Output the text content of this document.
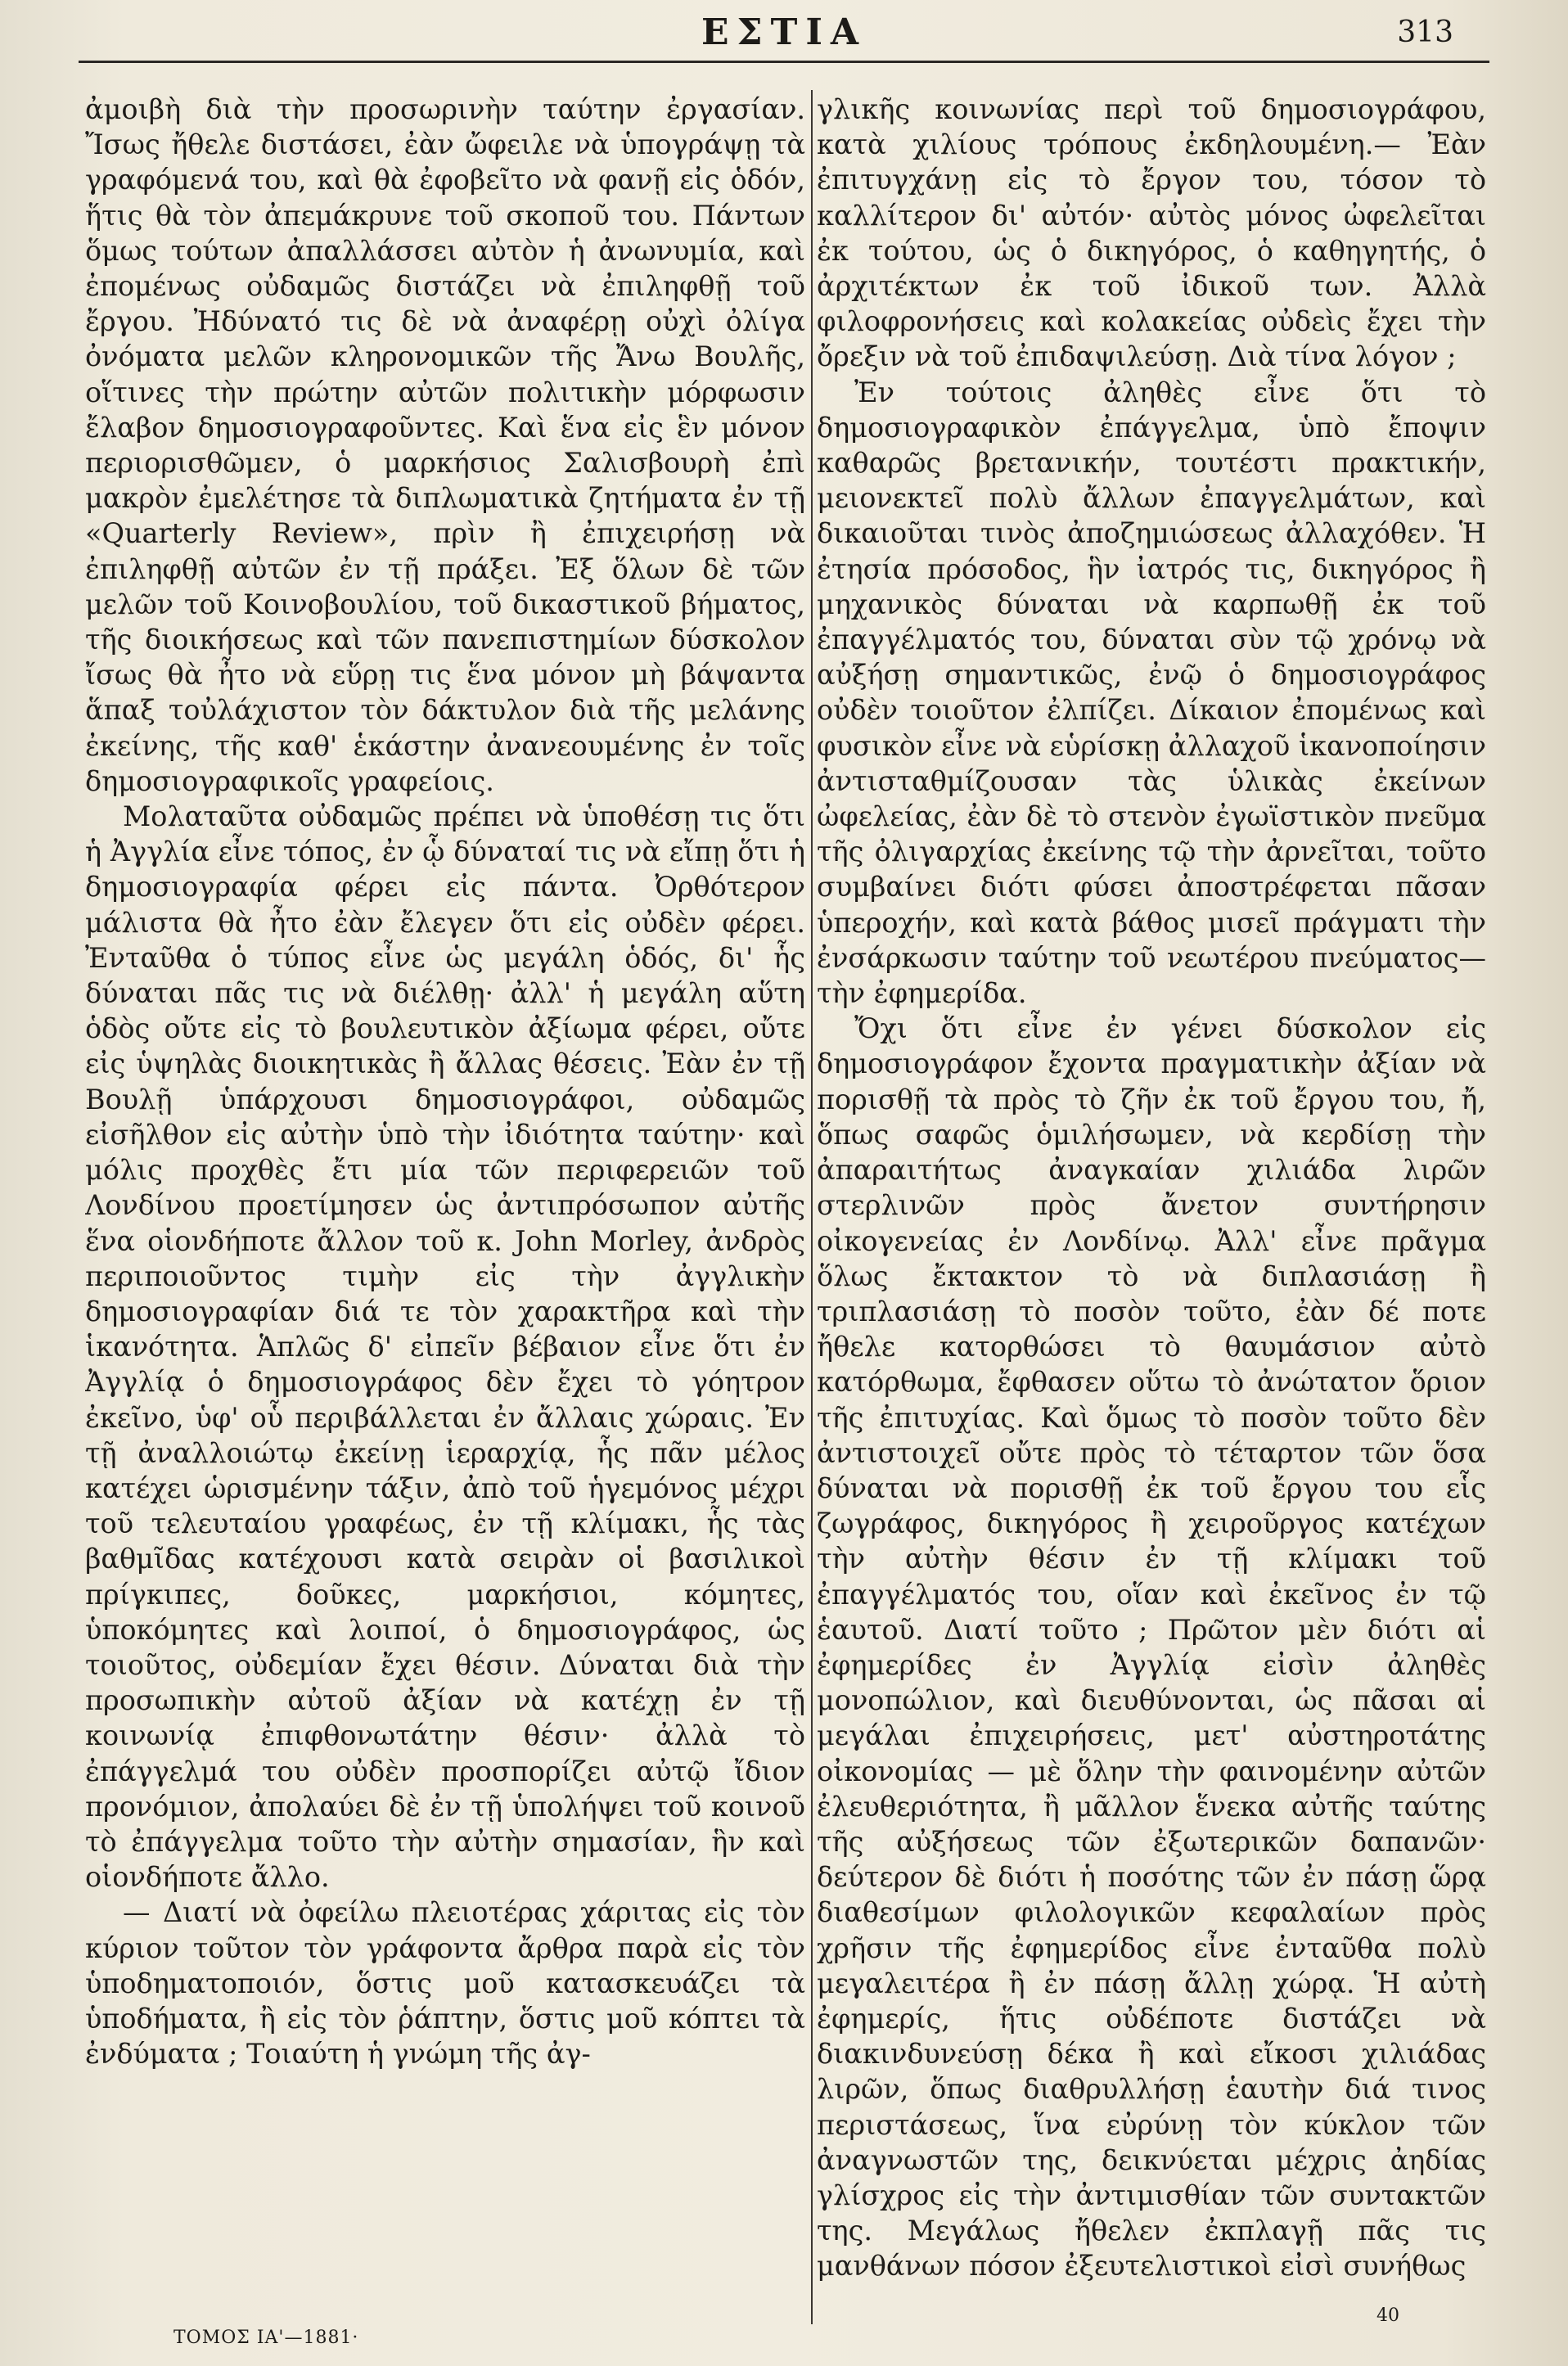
ΕΣΤΙΑ	313

ἀμοιβὴ διὰ τὴν προσωρινὴν ταύτην ἐργασίαν. Ἴσως ἤθελε διστάσει, ἐὰν ὤφειλε νὰ ὑπογράψῃ τὰ γραφόμενά του, καὶ θὰ ἐφοβεῖτο νὰ φανῇ εἰς ὁδόν, ἥτις θὰ τὸν ἀπεμάκρυνε τοῦ σκοποῦ του. Πάντων ὅμως τούτων ἀπαλλάσσει αὐτὸν ἡ ἀνωνυμία, καὶ ἐπομένως οὐδαμῶς διστάζει νὰ ἐπιληφθῇ τοῦ ἔργου. Ἠδύνατό τις δὲ νὰ ἀναφέρῃ οὐχὶ ὀλίγα ὀνόματα μελῶν κληρονομικῶν τῆς Ἄνω Βουλῆς, οἵτινες τὴν πρώτην αὐτῶν πολιτικὴν μόρφωσιν ἔλαβον δημοσιογραφοῦντες. Καὶ ἕνα εἰς ἓν μόνον περιορισθῶμεν, ὁ μαρκήσιος Σαλισβουρὴ ἐπὶ μακρὸν ἐμελέτησε τὰ διπλωματικὰ ζητήματα ἐν τῇ «Quarterly Review», πρὶν ἢ ἐπιχειρήσῃ νὰ ἐπιληφθῇ αὐτῶν ἐν τῇ πράξει. Ἐξ ὅλων δὲ τῶν μελῶν τοῦ Κοινοβουλίου, τοῦ δικαστικοῦ βήματος, τῆς διοικήσεως καὶ τῶν πανεπιστημίων δύσκολον ἴσως θὰ ἦτο νὰ εὕρῃ τις ἕνα μόνον μὴ βάψαντα ἅπαξ τοὐλάχιστον τὸν δάκτυλον διὰ τῆς μελάνης ἐκείνης, τῆς καθ' ἑκάστην ἀνανεουμένης ἐν τοῖς δημοσιογραφικοῖς γραφείοις.

Μολαταῦτα οὐδαμῶς πρέπει νὰ ὑποθέσῃ τις ὅτι ἡ Ἀγγλία εἶνε τόπος, ἐν ᾧ δύναταί τις νὰ εἴπῃ ὅτι ἡ δημοσιογραφία φέρει εἰς πάντα. Ὀρθότερον μάλιστα θὰ ἦτο ἐὰν ἔλεγεν ὅτι εἰς οὐδὲν φέρει. Ἐνταῦθα ὁ τύπος εἶνε ὡς μεγάλη ὁδός, δι' ἧς δύναται πᾶς τις νὰ διέλθῃ· ἀλλ' ἡ μεγάλη αὕτη ὁδὸς οὔτε εἰς τὸ βουλευτικὸν ἀξίωμα φέρει, οὔτε εἰς ὑψηλὰς διοικητικὰς ἢ ἄλλας θέσεις. Ἐὰν ἐν τῇ Βουλῇ ὑπάρχουσι δημοσιογράφοι, οὐδαμῶς εἰσῆλθον εἰς αὐτὴν ὑπὸ τὴν ἰδιότητα ταύτην· καὶ μόλις προχθὲς ἔτι μία τῶν περιφερειῶν τοῦ Λονδίνου προετίμησεν ὡς ἀντιπρόσωπον αὐτῆς ἕνα οἱονδήποτε ἄλλον τοῦ κ. John Morley, ἀνδρὸς περιποιοῦντος τιμὴν εἰς τὴν ἀγγλικὴν δημοσιογραφίαν διά τε τὸν χαρακτῆρα καὶ τὴν ἱκανότητα. Ἁπλῶς δ' εἰπεῖν βέβαιον εἶνε ὅτι ἐν Ἀγγλίᾳ ὁ δημοσιογράφος δὲν ἔχει τὸ γόητρον ἐκεῖνο, ὑφ' οὗ περιβάλλεται ἐν ἄλλαις χώραις. Ἐν τῇ ἀναλλοιώτῳ ἐκείνῃ ἱεραρχίᾳ, ἧς πᾶν μέλος κατέχει ὡρισμένην τάξιν, ἀπὸ τοῦ ἡγεμόνος μέχρι τοῦ τελευταίου γραφέως, ἐν τῇ κλίμακι, ἧς τὰς βαθμῖδας κατέχουσι κατὰ σειρὰν οἱ βασιλικοὶ πρίγκιπες, δοῦκες, μαρκήσιοι, κόμητες, ὑποκόμητες καὶ λοιποί, ὁ δημοσιογράφος, ὡς τοιοῦτος, οὐδεμίαν ἔχει θέσιν. Δύναται διὰ τὴν προσωπικὴν αὐτοῦ ἀξίαν νὰ κατέχῃ ἐν τῇ κοινωνίᾳ ἐπιφθονωτάτην θέσιν· ἀλλὰ τὸ ἐπάγγελμά του οὐδὲν προσπορίζει αὐτῷ ἴδιον προνόμιον, ἀπολαύει δὲ ἐν τῇ ὑπολήψει τοῦ κοινοῦ τὸ ἐπάγγελμα τοῦτο τὴν αὐτὴν σημασίαν, ἣν καὶ οἱονδήποτε ἄλλο.

— Διατί νὰ ὀφείλω πλειοτέρας χάριτας εἰς τὸν κύριον τοῦτον τὸν γράφοντα ἄρθρα παρὰ εἰς τὸν ὑποδηματοποιόν, ὅστις μοῦ κατασκευάζει τὰ ὑποδήματα, ἢ εἰς τὸν ῥάπτην, ὅστις μοῦ κόπτει τὰ ἐνδύματα ; Τοιαύτη ἡ γνώμη τῆς ἀγ-

γλικῆς κοινωνίας περὶ τοῦ δημοσιογράφου, κατὰ χιλίους τρόπους ἐκδηλουμένη.— Ἐὰν ἐπιτυγχάνῃ εἰς τὸ ἔργον του, τόσον τὸ καλλίτερον δι' αὐτόν· αὐτὸς μόνος ὠφελεῖται ἐκ τούτου, ὡς ὁ δικηγόρος, ὁ καθηγητής, ὁ ἀρχιτέκτων ἐκ τοῦ ἰδικοῦ των. Ἀλλὰ φιλοφρονήσεις καὶ κολακείας οὐδεὶς ἔχει τὴν ὄρεξιν νὰ τοῦ ἐπιδαψιλεύσῃ. Διὰ τίνα λόγον ;

Ἐν τούτοις ἀληθὲς εἶνε ὅτι τὸ δημοσιογραφικὸν ἐπάγγελμα, ὑπὸ ἔποψιν καθαρῶς βρετανικήν, τουτέστι πρακτικήν, μειονεκτεῖ πολὺ ἄλλων ἐπαγγελμάτων, καὶ δικαιοῦται τινὸς ἀποζημιώσεως ἀλλαχόθεν. Ἡ ἐτησία πρόσοδος, ἣν ἰατρός τις, δικηγόρος ἢ μηχανικὸς δύναται νὰ καρπωθῇ ἐκ τοῦ ἐπαγγέλματός του, δύναται σὺν τῷ χρόνῳ νὰ αὐξήσῃ σημαντικῶς, ἐνῷ ὁ δημοσιογράφος οὐδὲν τοιοῦτον ἐλπίζει. Δίκαιον ἐπομένως καὶ φυσικὸν εἶνε νὰ εὑρίσκῃ ἀλλαχοῦ ἱκανοποίησιν ἀντισταθμίζουσαν τὰς ὑλικὰς ἐκείνων ὠφελείας, ἐὰν δὲ τὸ στενὸν ἐγωϊστικὸν πνεῦμα τῆς ὀλιγαρχίας ἐκείνης τῷ τὴν ἀρνεῖται, τοῦτο συμβαίνει διότι φύσει ἀποστρέφεται πᾶσαν ὑπεροχήν, καὶ κατὰ βάθος μισεῖ πράγματι τὴν ἐνσάρκωσιν ταύτην τοῦ νεωτέρου πνεύματος—τὴν ἐφημερίδα.

Ὄχι ὅτι εἶνε ἐν γένει δύσκολον εἰς δημοσιογράφον ἔχοντα πραγματικὴν ἀξίαν νὰ πορισθῇ τὰ πρὸς τὸ ζῆν ἐκ τοῦ ἔργου του, ἤ, ὅπως σαφῶς ὁμιλήσωμεν, νὰ κερδίσῃ τὴν ἀπαραιτήτως ἀναγκαίαν χιλιάδα λιρῶν στερλινῶν πρὸς ἄνετον συντήρησιν οἰκογενείας ἐν Λονδίνῳ. Ἀλλ' εἶνε πρᾶγμα ὅλως ἔκτακτον τὸ νὰ διπλασιάσῃ ἢ τριπλασιάσῃ τὸ ποσὸν τοῦτο, ἐὰν δέ ποτε ἤθελε κατορθώσει τὸ θαυμάσιον αὐτὸ κατόρθωμα, ἔφθασεν οὕτω τὸ ἀνώτατον ὅριον τῆς ἐπιτυχίας. Καὶ ὅμως τὸ ποσὸν τοῦτο δὲν ἀντιστοιχεῖ οὔτε πρὸς τὸ τέταρτον τῶν ὅσα δύναται νὰ πορισθῇ ἐκ τοῦ ἔργου του εἷς ζωγράφος, δικηγόρος ἢ χειροῦργος κατέχων τὴν αὐτὴν θέσιν ἐν τῇ κλίμακι τοῦ ἐπαγγέλματός του, οἵαν καὶ ἐκεῖνος ἐν τῷ ἑαυτοῦ. Διατί τοῦτο ; Πρῶτον μὲν διότι αἱ ἐφημερίδες ἐν Ἀγγλίᾳ εἰσὶν ἀληθὲς μονοπώλιον, καὶ διευθύνονται, ὡς πᾶσαι αἱ μεγάλαι ἐπιχειρήσεις, μετ' αὐστηροτάτης οἰκονομίας — μὲ ὅλην τὴν φαινομένην αὐτῶν ἐλευθεριότητα, ἢ μᾶλλον ἕνεκα αὐτῆς ταύτης τῆς αὐξήσεως τῶν ἐξωτερικῶν δαπανῶν· δεύτερον δὲ διότι ἡ ποσότης τῶν ἐν πάσῃ ὥρᾳ διαθεσίμων φιλολογικῶν κεφαλαίων πρὸς χρῆσιν τῆς ἐφημερίδος εἶνε ἐνταῦθα πολὺ μεγαλειτέρα ἢ ἐν πάσῃ ἄλλῃ χώρᾳ. Ἡ αὐτὴ ἐφημερίς, ἥτις οὐδέποτε διστάζει νὰ διακινδυνεύσῃ δέκα ἢ καὶ εἴκοσι χιλιάδας λιρῶν, ὅπως διαθρυλλήσῃ ἑαυτὴν διά τινος περιστάσεως, ἵνα εὐρύνῃ τὸν κύκλον τῶν ἀναγνωστῶν της, δεικνύεται μέχρις ἀηδίας γλίσχρος εἰς τὴν ἀντιμισθίαν τῶν συντακτῶν της. Μεγάλως ἤθελεν ἐκπλαγῇ πᾶς τις μανθάνων πόσον ἐξευτελιστικοὶ εἰσὶ συνήθως

ΤΟΜΟΣ ΙΑ'—1881·
40
